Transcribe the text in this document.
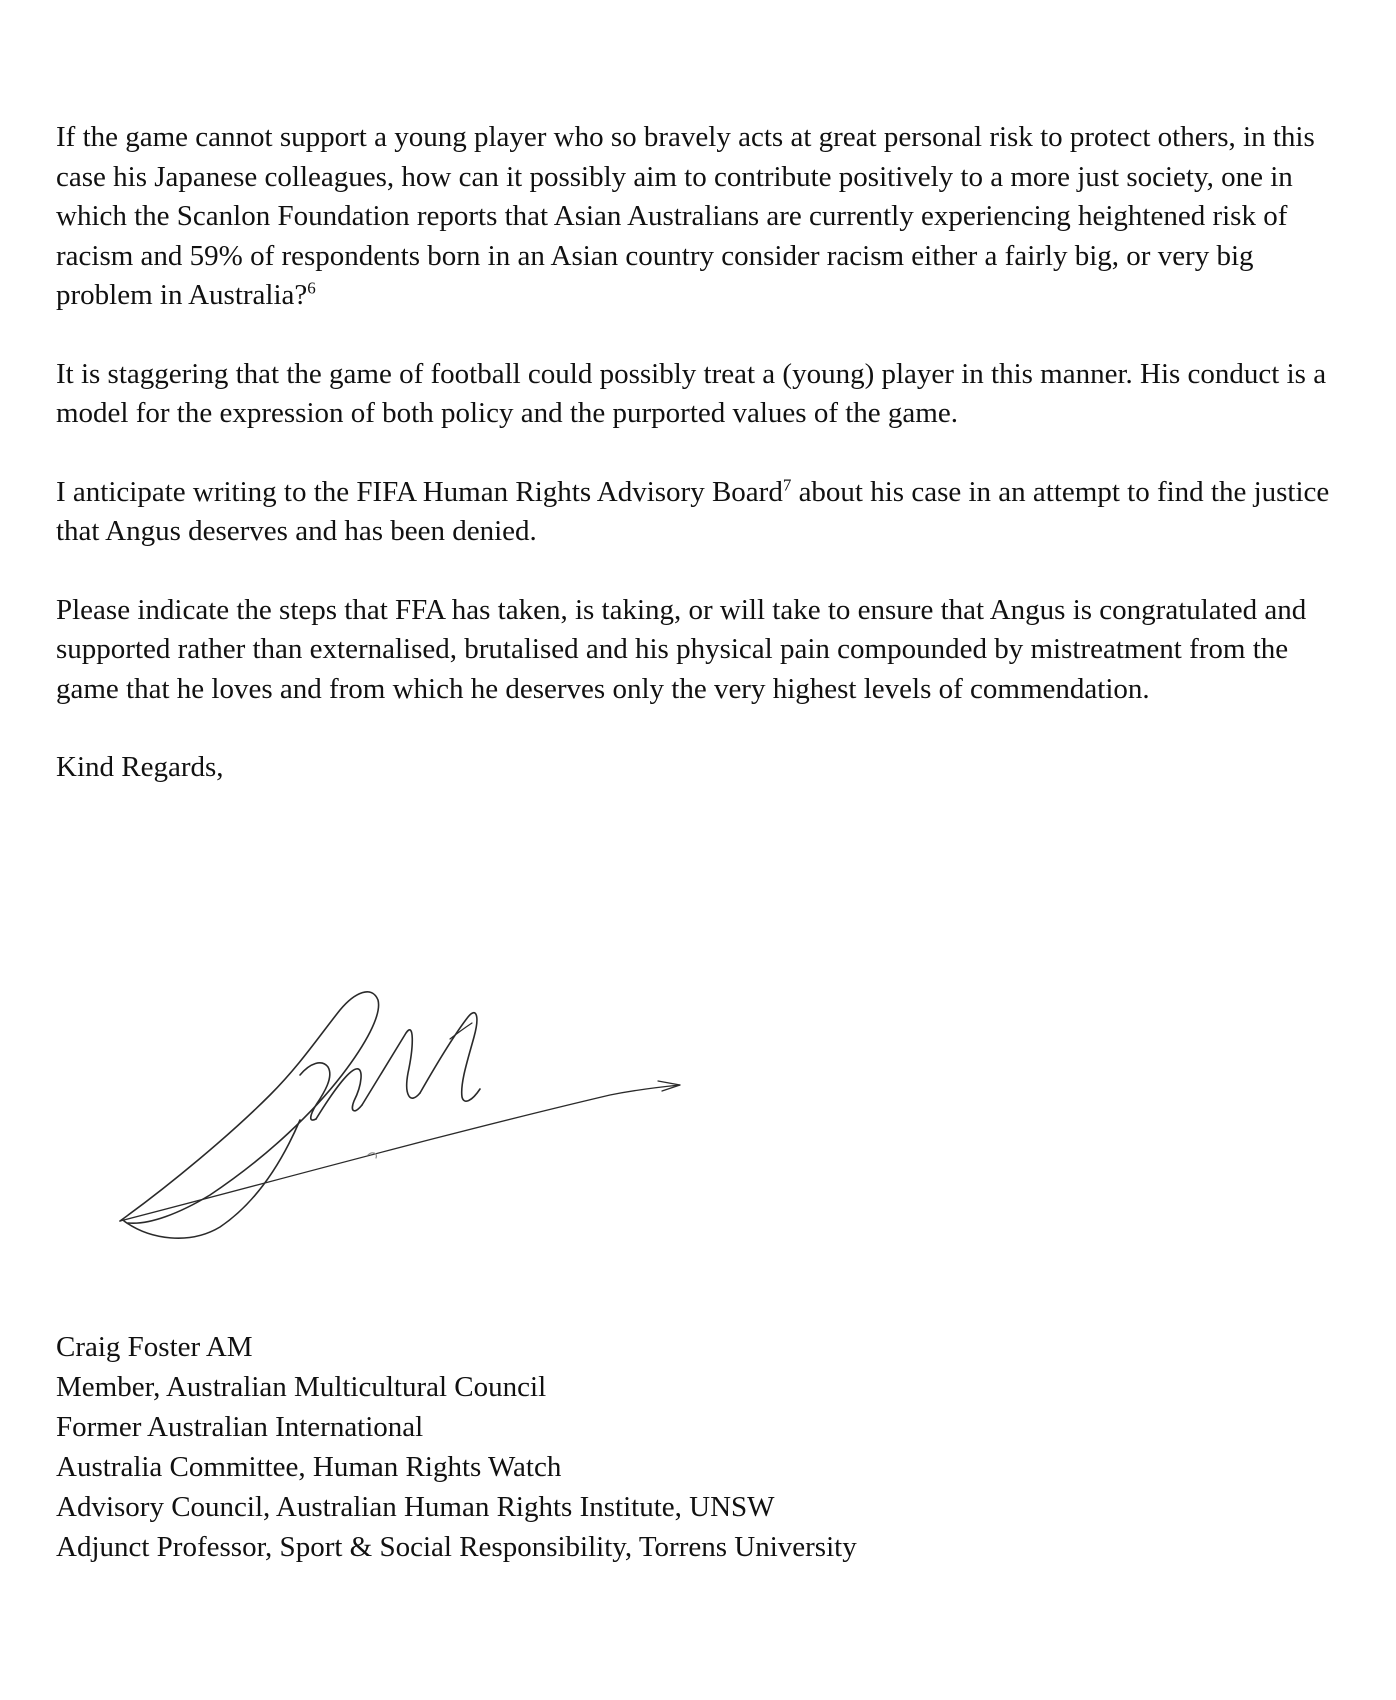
If the game cannot support a young player who so bravely acts at great personal risk to protect others, in this case his Japanese colleagues, how can it possibly aim to contribute positively to a more just society, one in which the Scanlon Foundation reports that Asian Australians are currently experiencing heightened risk of racism and 59% of respondents born in an Asian country consider racism either a fairly big, or very big problem in Australia?$^6$

It is staggering that the game of football could possibly treat a (young) player in this manner. His conduct is a model for the expression of both policy and the purported values of the game.

I anticipate writing to the FIFA Human Rights Advisory Board$^7$ about his case in an attempt to find the justice that Angus deserves and has been denied.

Please indicate the steps that FFA has taken, is taking, or will take to ensure that Angus is congratulated and supported rather than externalised, brutalised and his physical pain compounded by mistreatment from the game that he loves and from which he deserves only the very highest levels of commendation.

Kind Regards,

Craig Foster AM
Member, Australian Multicultural Council
Former Australian International
Australia Committee, Human Rights Watch
Advisory Council, Australian Human Rights Institute, UNSW
Adjunct Professor, Sport & Social Responsibility, Torrens University
